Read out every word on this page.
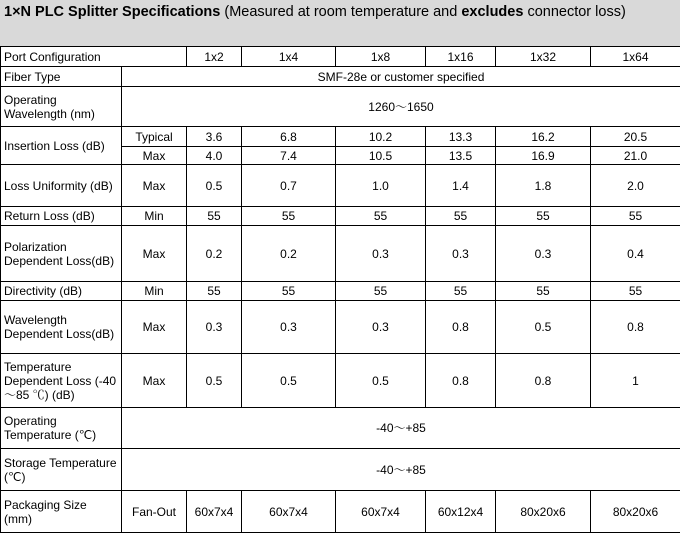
1×N PLC Splitter Specifications (Measured at room temperature and excludes connector loss)
Port Configuration		1x2	1x4	1x8	1x16	1x32	1x64
Fiber Type	SMF-28e or customer specified						
Operating Wavelength (nm)	1260～1650						
Insertion Loss (dB)	Typical	3.6	6.8	10.2	13.3	16.2	20.5
	Max	4.0	7.4	10.5	13.5	16.9	21.0
Loss Uniformity (dB)	Max	0.5	0.7	1.0	1.4	1.8	2.0
Return Loss (dB)	Min	55	55	55	55	55	55
Polarization Dependent Loss(dB)	Max	0.2	0.2	0.3	0.3	0.3	0.4
Directivity (dB)	Min	55	55	55	55	55	55
Wavelength Dependent Loss(dB)	Max	0.3	0.3	0.3	0.8	0.5	0.8
Temperature Dependent Loss (-40～85 ℃) (dB)	Max	0.5	0.5	0.5	0.8	0.8	1
Operating Temperature (℃)	-40～+85						
Storage Temperature (℃)	-40～+85						
Packaging Size (mm)	Fan-Out	60x7x4	60x7x4	60x7x4	60x12x4	80x20x6	80x20x6
